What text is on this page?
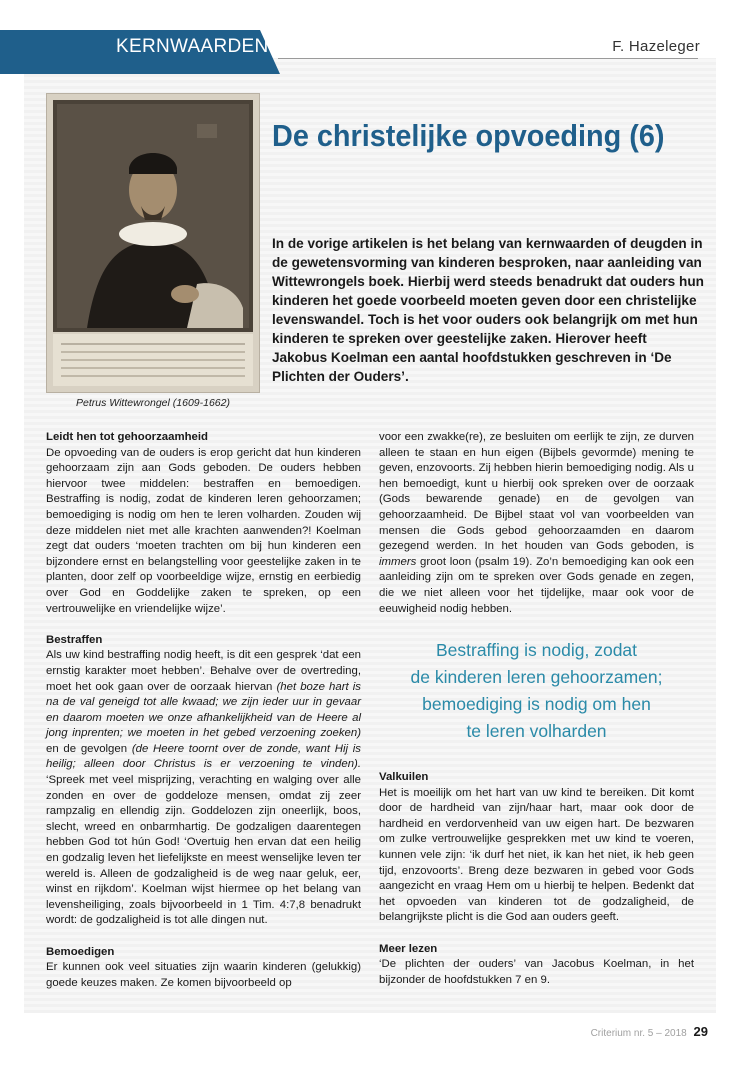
KERNWAARDEN	F. Hazeleger
Petrus Wittewrongel (1609-1662)
De christelijke opvoeding (6)

In de vorige artikelen is het belang van kernwaarden of deugden in de gewetensvorming van kinderen besproken, naar aanleiding van Wittewrongels boek. Hierbij werd steeds benadrukt dat ouders hun kinderen het goede voorbeeld moeten geven door een christelijke levenswandel. Toch is het voor ouders ook belangrijk om met hun kinderen te spreken over geestelijke zaken. Hierover heeft Jakobus Koelman een aantal hoofdstukken geschreven in ‘De Plichten der Ouders’.

Leidt hen tot gehoorzaamheid

De opvoeding van de ouders is erop gericht dat hun kinderen gehoorzaam zijn aan Gods geboden. De ouders hebben hiervoor twee middelen: bestraffen en bemoedigen. Bestraffing is nodig, zodat de kinderen leren gehoorzamen; bemoediging is nodig om hen te leren volharden. Zouden wij deze middelen niet met alle krachten aanwenden?! Koelman zegt dat ouders ‘moeten trachten om bij hun kinderen een bijzondere ernst en belangstelling voor geestelijke zaken in te planten, door zelf op voorbeeldige wijze, ernstig en eerbiedig over God en Goddelijke zaken te spreken, op een vertrouwelijke en vriendelijke wijze’.

Bestraffen

Als uw kind bestraffing nodig heeft, is dit een gesprek ‘dat een ernstig karakter moet hebben’. Behalve over de overtreding, moet het ook gaan over de oorzaak hiervan (het boze hart is na de val geneigd tot alle kwaad; we zijn ieder uur in gevaar en daarom moeten we onze afhankelijkheid van de Heere al jong inprenten; we moeten in het gebed verzoening zoeken) en de gevolgen (de Heere toornt over de zonde, want Hij is heilig; alleen door Christus is er verzoening te vinden). ‘Spreek met veel misprijzing, verachting en walging over alle zonden en over de goddeloze mensen, omdat zij zeer rampzalig en ellendig zijn. Goddelozen zijn oneerlijk, boos, slecht, wreed en onbarmhartig. De godzaligen daarentegen hebben God tot hún God! ‘Overtuig hen ervan dat een heilig en godzalig leven het liefelijkste en meest wenselijke leven ter wereld is. Alleen de godzaligheid is de weg naar geluk, eer, winst en rijkdom’. Koelman wijst hiermee op het belang van levensheiliging, zoals bijvoorbeeld in 1 Tim. 4:7,8 benadrukt wordt: de godzaligheid is tot alle dingen nut.

Bemoedigen

Er kunnen ook veel situaties zijn waarin kinderen (gelukkig) goede keuzes maken. Ze komen bijvoorbeeld op

voor een zwakke(re), ze besluiten om eerlijk te zijn, ze durven alleen te staan en hun eigen (Bijbels gevormde) mening te geven, enzovoorts. Zij hebben hierin bemoediging nodig. Als u hen bemoedigt, kunt u hierbij ook spreken over de oorzaak (Gods bewarende genade) en de gevolgen van gehoorzaamheid. De Bijbel staat vol van voorbeelden van mensen die Gods gebod gehoorzaamden en daarom gezegend werden. In het houden van Gods geboden, is immers groot loon (psalm 19). Zo’n bemoediging kan ook een aanleiding zijn om te spreken over Gods genade en zegen, die we niet alleen voor het tijdelijke, maar ook voor de eeuwigheid nodig hebben.

Bestraffing is nodig, zodat
de kinderen leren gehoorzamen;
bemoediging is nodig om hen
te leren volharden
Valkuilen

Het is moeilijk om het hart van uw kind te bereiken. Dit komt door de hardheid van zijn/haar hart, maar ook door de hardheid en verdorvenheid van uw eigen hart. De bezwaren om zulke vertrouwelijke gesprekken met uw kind te voeren, kunnen vele zijn: ‘ik durf het niet, ik kan het niet, ik heb geen tijd, enzovoorts’. Breng deze bezwaren in gebed voor Gods aangezicht en vraag Hem om u hierbij te helpen. Bedenkt dat het opvoeden van kinderen tot de godzaligheid, de belangrijkste plicht is die God aan ouders geeft.

Meer lezen

‘De plichten der ouders’ van Jacobus Koelman, in het bijzonder de hoofdstukken 7 en 9.

Criterium nr. 5 – 2018 29
